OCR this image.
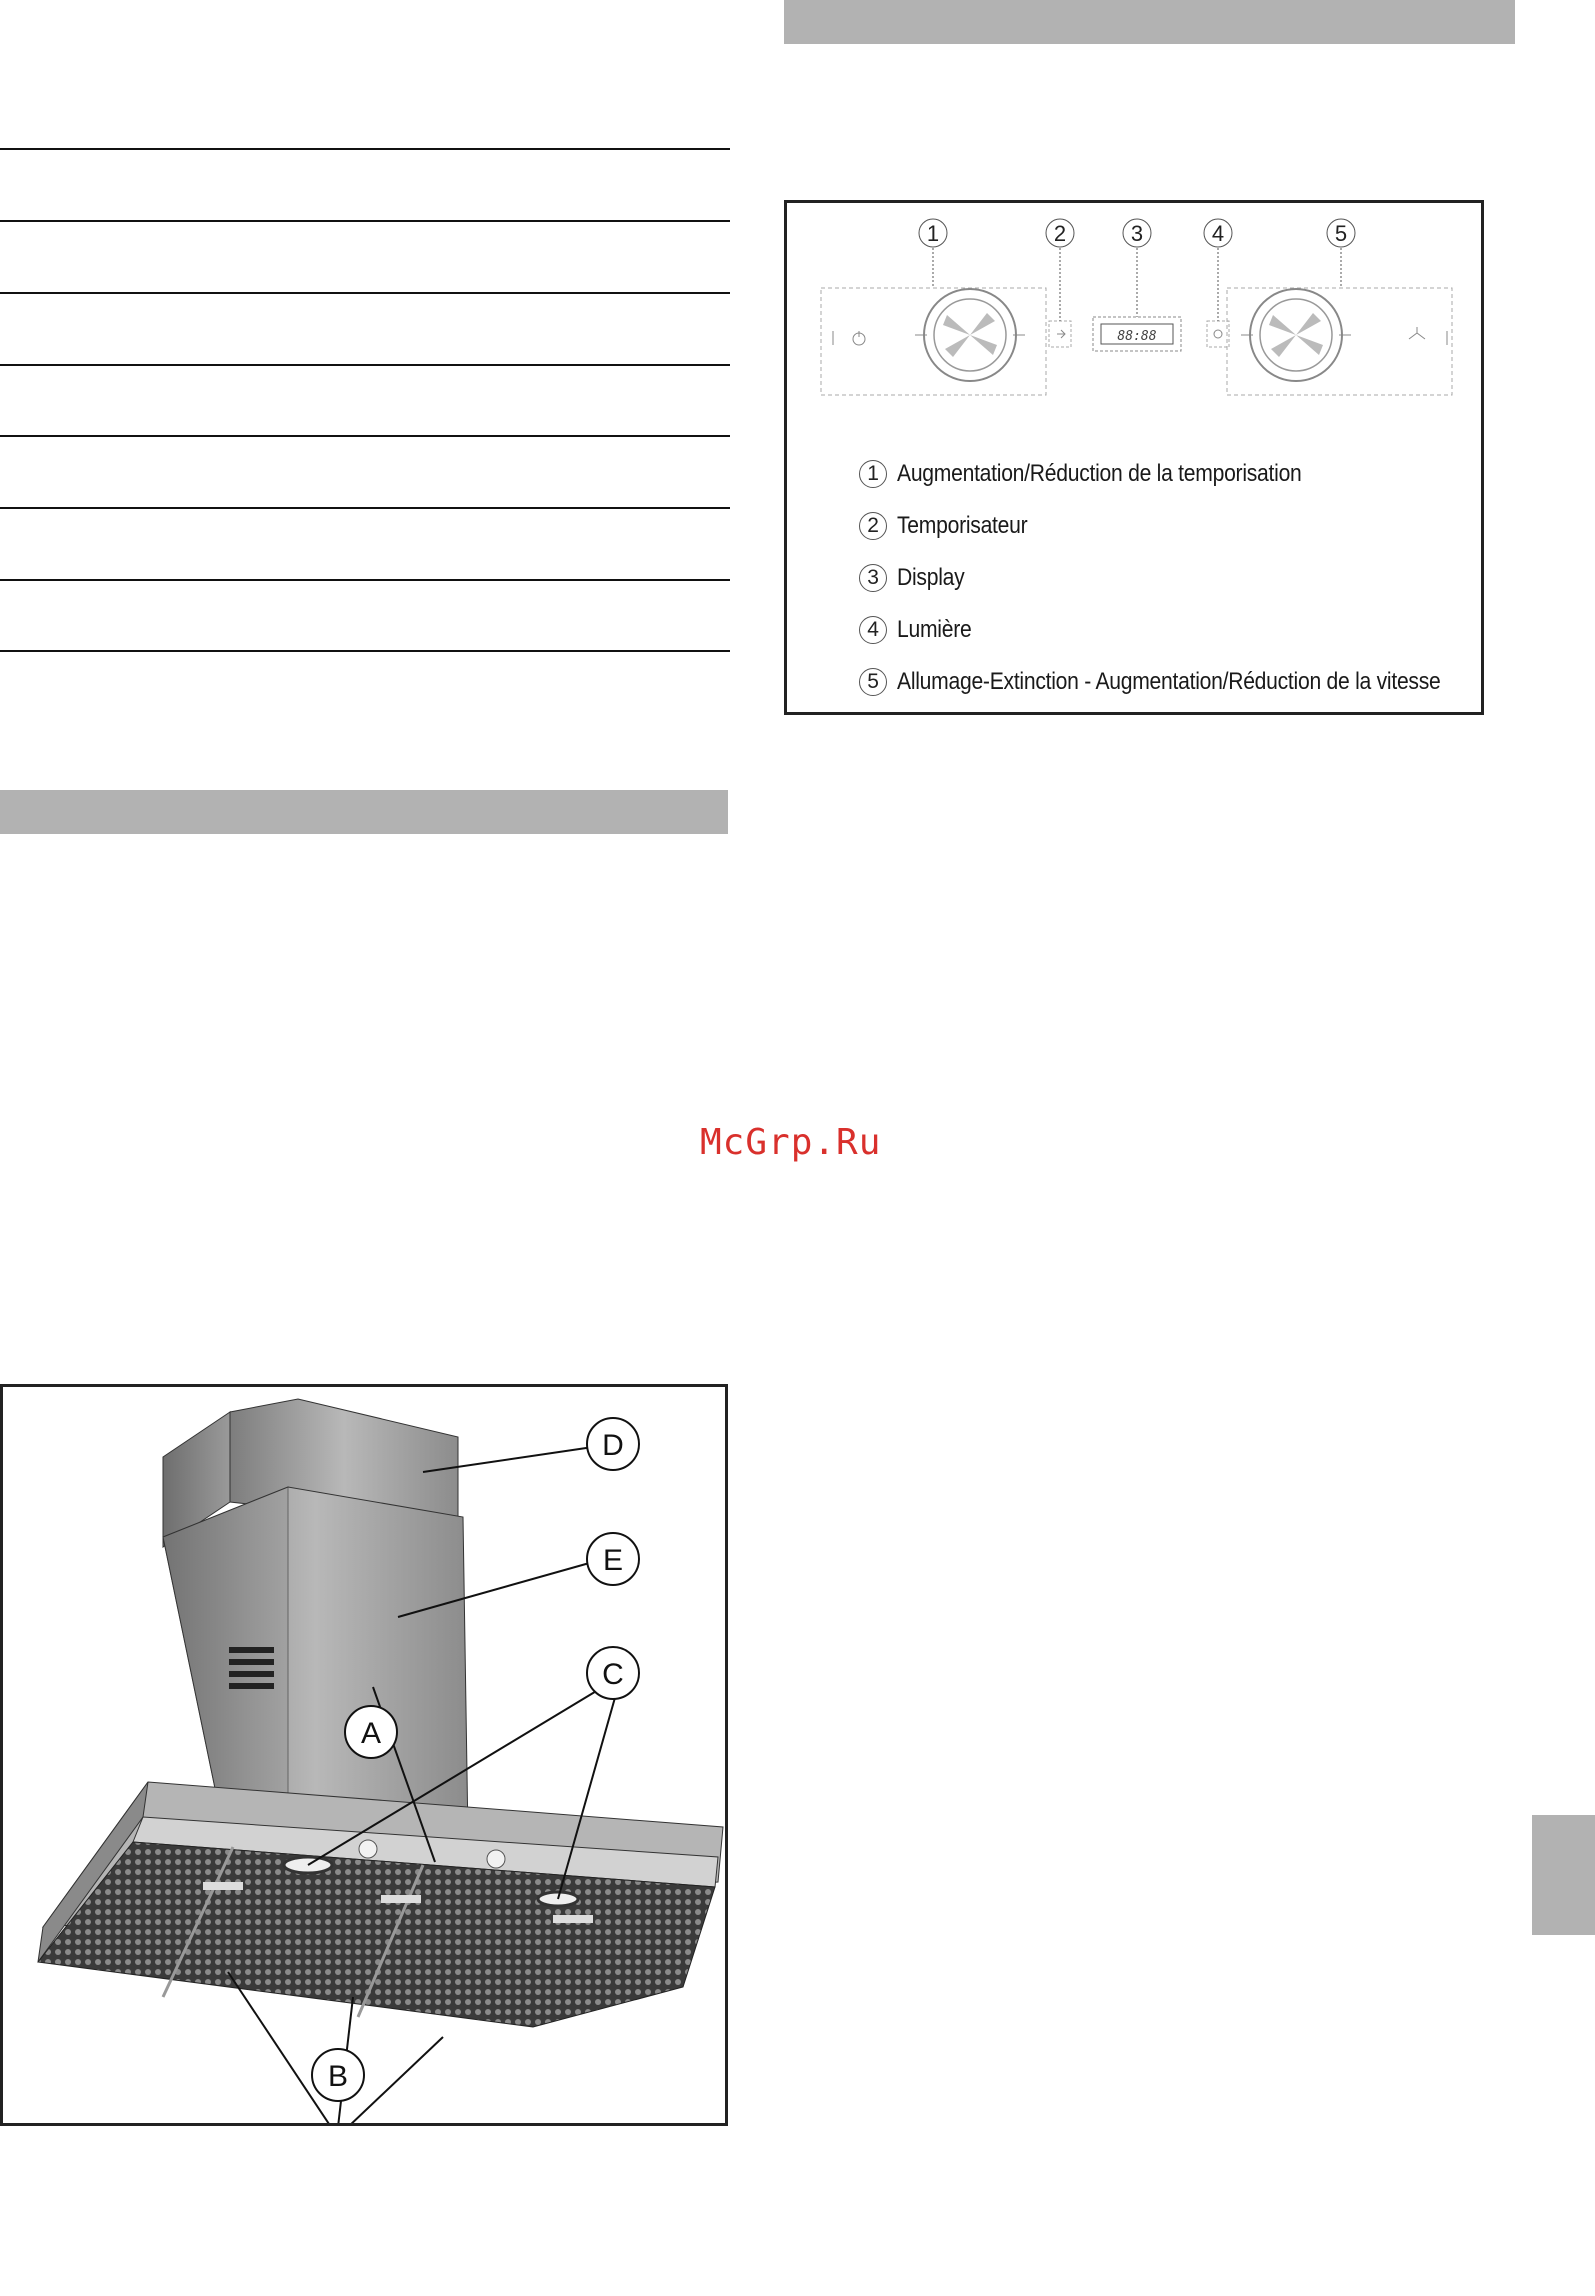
McGrp.Ru
1	2	3	4	5
88:88
1 Augmentation/Réduction de la temporisation
2 Temporisateur
3 Display
4 Lumière
5 Allumage-Extinction - Augmentation/Réduction de la vitesse
D
E
C
A
B
